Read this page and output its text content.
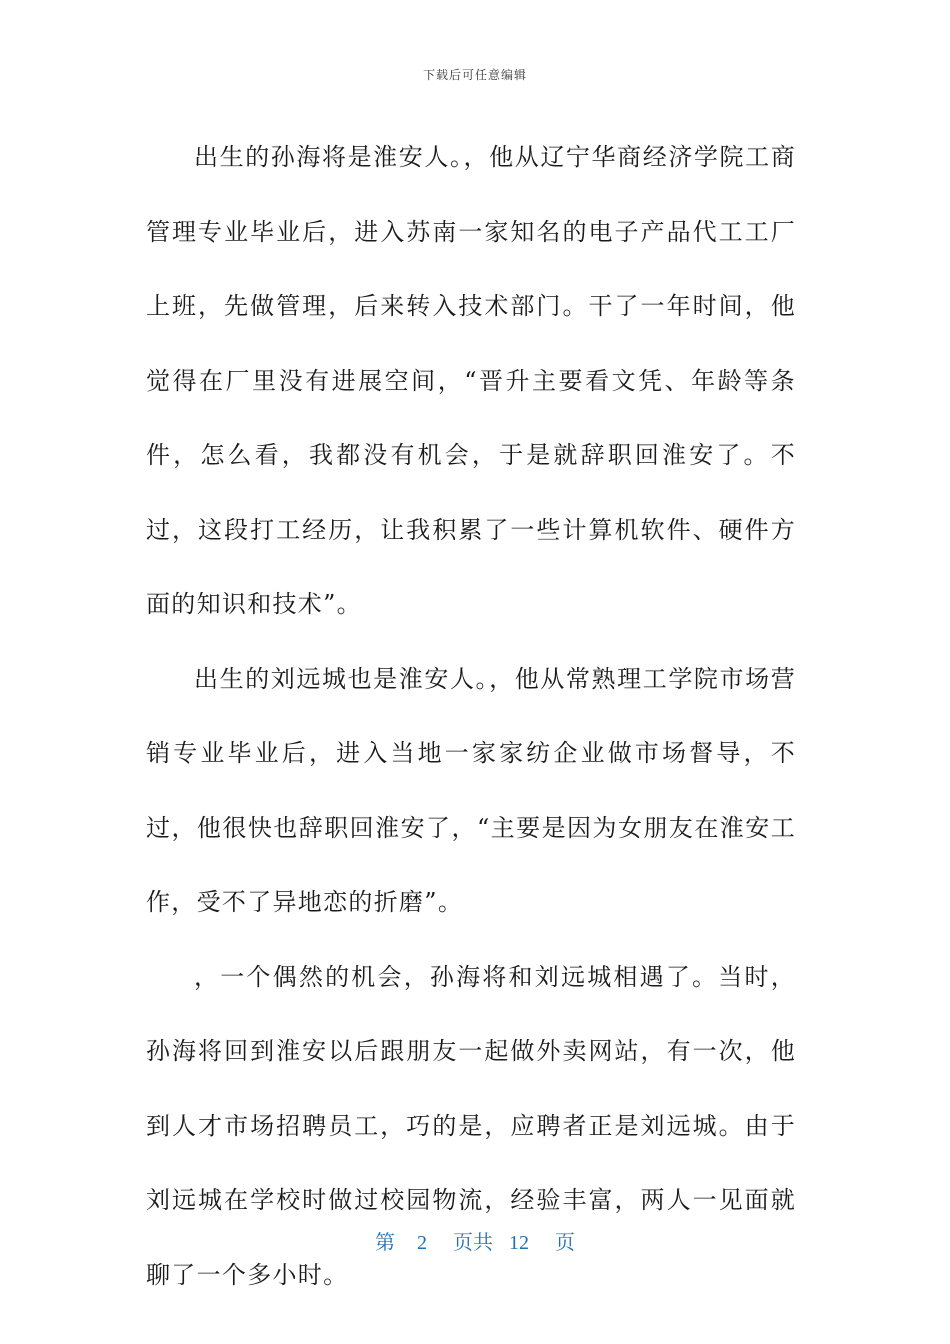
下载后可任意编辑

出生的孙海将是淮安人。，他从辽宁华商经济学院工商管理专业毕业后，进入苏南一家知名的电子产品代工工厂上班，先做管理，后来转入技术部门。干了一年时间，他觉得在厂里没有进展空间，“晋升主要看文凭、年龄等条件，怎么看，我都没有机会，于是就辞职回淮安了。不过，这段打工经历，让我积累了一些计算机软件、硬件方面的知识和技术”。

出生的刘远城也是淮安人。，他从常熟理工学院市场营销专业毕业后，进入当地一家家纺企业做市场督导，不过，他很快也辞职回淮安了，“主要是因为女朋友在淮安工作，受不了异地恋的折磨”。

，一个偶然的机会，孙海将和刘远城相遇了。当时，孙海将回到淮安以后跟朋友一起做外卖网站，有一次，他到人才市场招聘员工，巧的是，应聘者正是刘远城。由于刘远城在学校时做过校园物流，经验丰富，两人一见面就聊了一个多小时。

第 2 页共 12 页
